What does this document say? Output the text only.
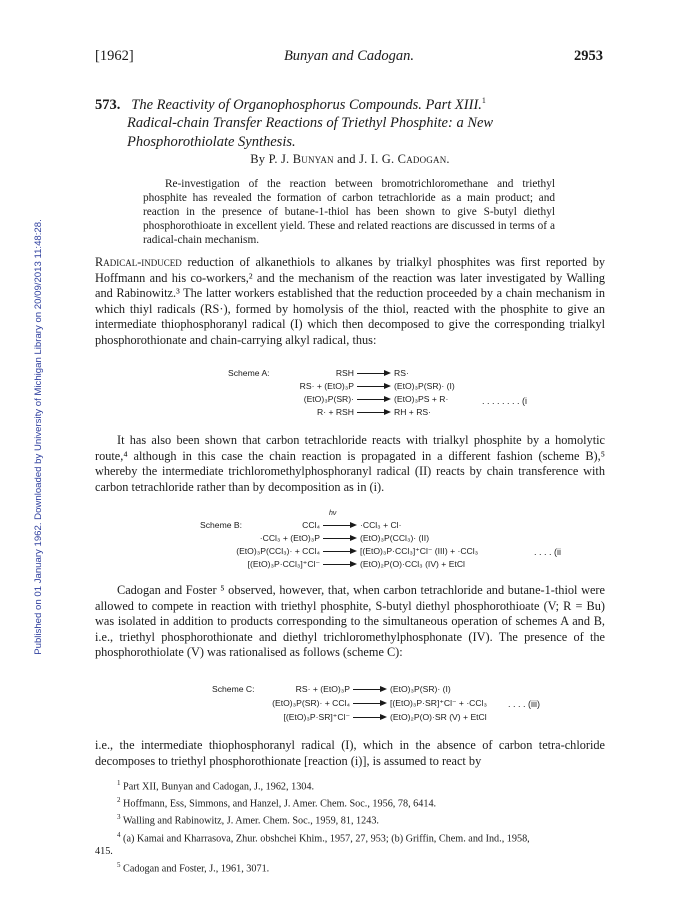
Published on 01 January 1962. Downloaded by University of Michigan Library on 20/09/2013 11:48:28.
[1962]	Bunyan and Cadogan.	2953
573. The Reactivity of Organophosphorus Compounds. Part XIII.$^1$
Radical-chain Transfer Reactions of Triethyl Phosphite: a New
Phosphorothiolate Synthesis.
By P. J. Bunyan and J. I. G. Cadogan.
Re-investigation of the reaction between bromotrichloromethane and triethyl phosphite has revealed the formation of carbon tetrachloride as a main product; and reaction in the presence of butane-1-thiol has been shown to give S-butyl diethyl phosphorothioate in excellent yield. These and related reactions are discussed in terms of a radical-chain mechanism.
Radical-induced reduction of alkanethiols to alkanes by trialkyl phosphites was first reported by Hoffmann and his co-workers,² and the mechanism of the reaction was later investigated by Walling and Rabinowitz.³ The latter workers established that the reduction proceeded by a chain mechanism in which thiyl radicals (RS·), formed by homolysis of the thiol, reacted with the phosphite to give an intermediate thiophosphoranyl radical (I) which then decomposed to give the corresponding trialkyl phosphorothionate and chain-carrying alkyl radical, thus:
Scheme A:	RSH	RS·
RS· + (EtO)₃P	(EtO)₃P(SR)· (I)
(EtO)₃P(SR)·	(EtO)₃PS + R·
R· + RSH	RH + RS·
. . . . . . . . (i
It has also been shown that carbon tetrachloride reacts with trialkyl phosphite by a homolytic route,⁴ although in this case the chain reaction is propagated in a different fashion (scheme B),⁵ whereby the intermediate trichloromethylphosphoranyl radical (II) reacts by chain transference with carbon tetrachloride rather than by decomposition as in (i).
hν
Scheme B:	CCl₄	·CCl₃ + Cl·
·CCl₃ + (EtO)₃P	(EtO)₃P(CCl₃)· (II)
(EtO)₃P(CCl₃)· + CCl₄	[(EtO)₃P·CCl₃]⁺Cl⁻ (III) + ·CCl₃
[(EtO)₃P·CCl₃]⁺Cl⁻	(EtO)₂P(O)·CCl₃ (IV) + EtCl
. . . . (ii
Cadogan and Foster ⁵ observed, however, that, when carbon tetrachloride and butane-1-thiol were allowed to compete in reaction with triethyl phosphite, S-butyl diethyl phosphorothioate (V; R = Bu) was isolated in addition to products corresponding to the simultaneous operation of schemes A and B, i.e., triethyl phosphorothionate and diethyl trichloromethylphosphonate (IV). The presence of the phosphorothiolate (V) was rationalised as follows (scheme C):
Scheme C:	RS· + (EtO)₃P	(EtO)₃P(SR)· (I)
(EtO)₃P(SR)· + CCl₄	[(EtO)₃P·SR]⁺Cl⁻ + ·CCl₃
[(EtO)₃P·SR]⁺Cl⁻	(EtO)₂P(O)·SR (V) + EtCl
. . . . (iii)
i.e., the intermediate thiophosphoranyl radical (I), which in the absence of carbon tetra-chloride decomposes to triethyl phosphorothionate [reaction (i)], is assumed to react by
$^1$ Part XII, Bunyan and Cadogan, J., 1962, 1304.
$^2$ Hoffmann, Ess, Simmons, and Hanzel, J. Amer. Chem. Soc., 1956, 78, 6414.
$^3$ Walling and Rabinowitz, J. Amer. Chem. Soc., 1959, 81, 1243.
$^4$ (a) Kamai and Kharrasova, Zhur. obshchei Khim., 1957, 27, 953; (b) Griffin, Chem. and Ind., 1958,
415.
$^5$ Cadogan and Foster, J., 1961, 3071.
